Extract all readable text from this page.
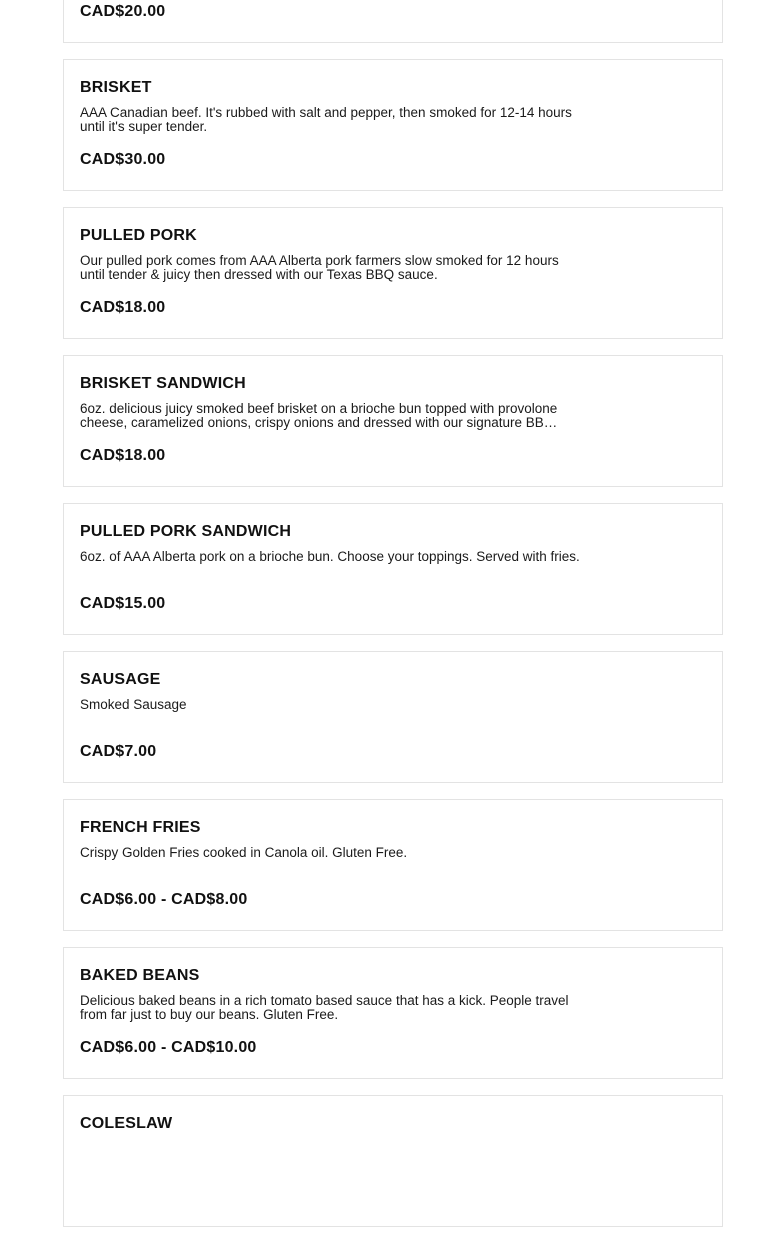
CAD$20.00
BRISKET
AAA Canadian beef. It's rubbed with salt and pepper, then smoked for 12-14 hours until it's super tender.
CAD$30.00
PULLED PORK
Our pulled pork comes from AAA Alberta pork farmers slow smoked for 12 hours until tender & juicy then dressed with our Texas BBQ sauce.
CAD$18.00
BRISKET SANDWICH
6oz. delicious juicy smoked beef brisket on a brioche bun topped with provolone cheese, caramelized onions, crispy onions and dressed with our signature BB…
CAD$18.00
PULLED PORK SANDWICH
6oz. of AAA Alberta pork on a brioche bun. Choose your toppings. Served with fries.
CAD$15.00
SAUSAGE
Smoked Sausage
CAD$7.00
FRENCH FRIES
Crispy Golden Fries cooked in Canola oil. Gluten Free.
CAD$6.00 - CAD$8.00
BAKED BEANS
Delicious baked beans in a rich tomato based sauce that has a kick. People travel from far just to buy our beans. Gluten Free.
CAD$6.00 - CAD$10.00
COLESLAW
